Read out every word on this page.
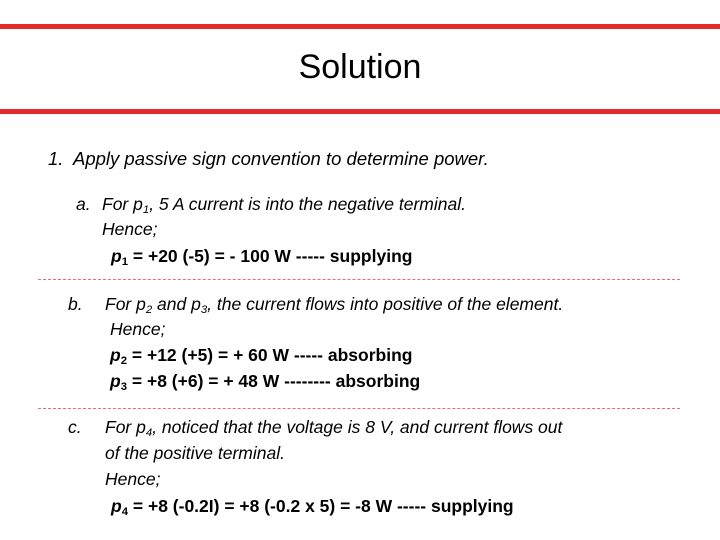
Solution
1. Apply passive sign convention to determine power.
a. For $p_1$, 5 A current is into the negative terminal.
Hence;
$p_1 = +20$ (-5) = - 100 W ----- supplying
b. For $p_2$ and $p_3$, the current flows into positive of the element.
Hence;
$p_2 = +12$ (+5) = + 60 W ----- absorbing
$p_3 = +8$ (+6) = + 48 W -------- absorbing
c. For $p_4$, noticed that the voltage is 8 V, and current flows out
of the positive terminal.
Hence;
$p_4 = +8$ (-0.2I) = +8 (-0.2 x 5) = -8 W ----- supplying
